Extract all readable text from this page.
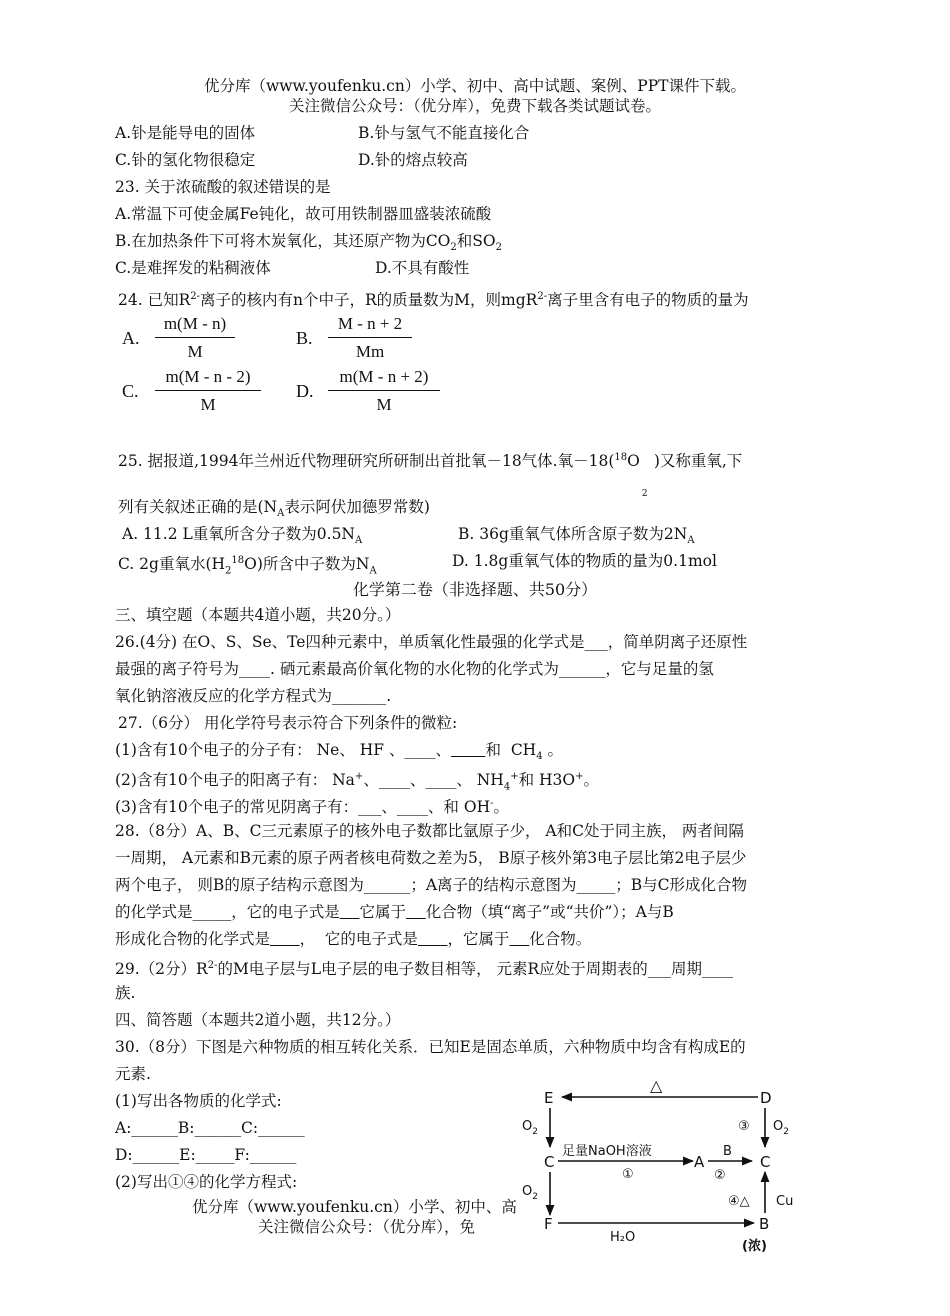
优分库（www.youfenku.cn）小学、初中、高中试题、案例、PPT课件下载。
关注微信公众号：（优分库），免费下载各类试题试卷。
A.钋是能导电的固体	B.钋与氢气不能直接化合
C.钋的氢化物很稳定	D.钋的熔点较高
23. 关于浓硫酸的叙述错误的是
A.常温下可使金属Fe钝化，故可用铁制器皿盛装浓硫酸
B.在加热条件下可将木炭氧化，其还原产物为$CO_2$和$SO_2$
C.是难挥发的粘稠液体	D.不具有酸性
24. 已知$R^{2-}$离子的核内有n个中子，R的质量数为M，则mgR$^{2-}$离子里含有电子的物质的量为
A. $\frac{m(M - n)}{M}$	B. $\frac{M - n + 2}{Mm}$
C. $\frac{m(M - n - 2)}{M} D$. $\frac{m(M - n + 2)}{M}$
25. 据报道,1994年兰州近代物理研究所研制出首批氧－18气体.氧－18($^{18}$O
2
)又称重氧,下
列有关叙述正确的是($N_A$表示阿伏加德罗常数)
A. 11.2 L重氧所含分子数为$0.5N_A$	B. 36g重氧气体所含原子数为$2N_A$
C. 2g重氧水$(H_2^{18}O)$所含中子数为$N_A$
D. 1.8g重氧气体的物质的量为0.1mol
化学第二卷（非选择题、共50分）
三、填空题（本题共4道小题，共20分。）
26.(4分) 在O、S、Se、Te四种元素中，单质氧化性最强的化学式是___，简单阴离子还原性
最强的离子符号为____. 硒元素最高价氧化物的水化物的化学式为______，它与足量的氢
氧化钠溶液反应的化学方程式为_______.
27.（6分） 用化学符号表示符合下列条件的微粒:
(1)含有10个电子的分子有： Ne、 HF 、____、 和  $CH_4$ 。
(2)含有10个电子的阳离子有： Na+、____、____、 $NH_4^+$和 H3O+。
(3)含有10个电子的常见阴离子有：___、____、和 OH-。
28.（8分）A、B、C三元素原子的核外电子数都比氩原子少， A和C处于同主族， 两者间隔
一周期， A元素和B元素的原子两者核电荷数之差为5， B原子核外第3电子层比第2电子层少
两个电子， 则B的原子结构示意图为______；A离子的结构示意图为_____；B与C形成化合物
的化学式是_____，它的电子式是 它属于 化合物（填“离子”或“共价”）；A与B
形成化合物的化学式是 ，  它的电子式是 ，它属于 化合物。
29.（2分）$R^{2-}$的M电子层与L电子层的电子数目相等， 元素R应处于周期表的___周期____
族.
四、简答题（本题共2道小题，共12分。）
30.（8分）下图是六种物质的相互转化关系．已知E是固态单质，六种物质中均含有构成E的
元素.
(1)写出各物质的化学式:
A:______B:______C:______
D:______E:_____F:______
(2)写出①④的化学方程式:
优分库（www.youfenku.cn）小学、初中、高
关注微信公众号：（优分库），免
E	D
C	A	C
F	B
△
$O_2$	③ $O_2$
足量NaOH溶液
①
B
②
$O_2$	④△ Cu
H₂O
(浓)
